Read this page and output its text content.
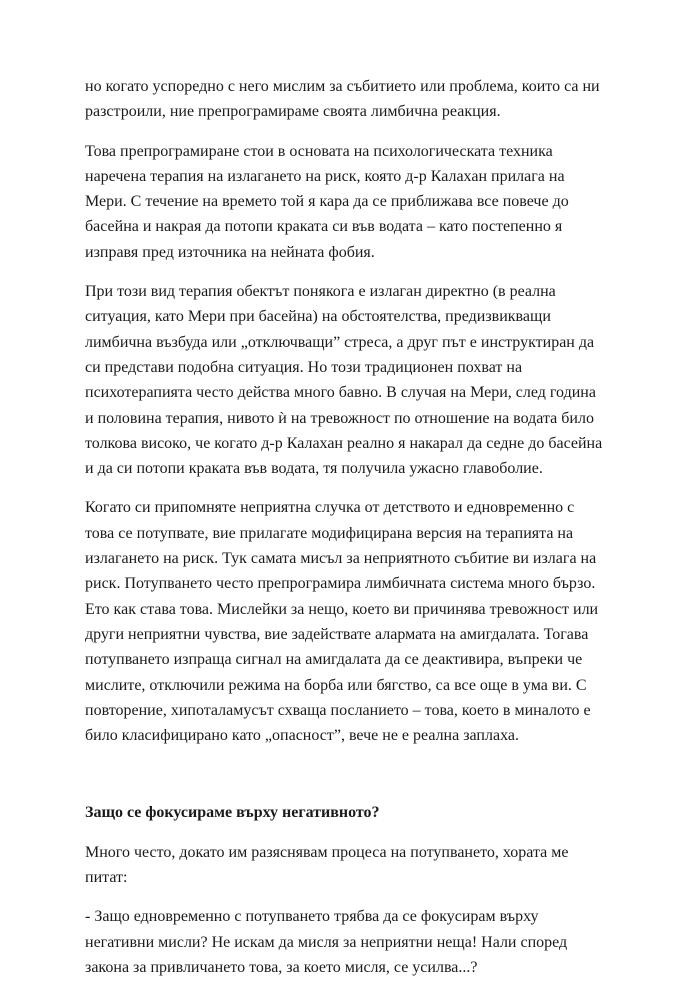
но когато успоредно с него мислим за събитието или проблема, които са ни разстроили, ние препрограмираме своята лимбична реакция.

Това препрограмиране стои в основата на психологическата техника наречена терапия на излагането на риск, която д-р Калахан прилага на Мери. С течение на времето той я кара да се приближава все повече до басейна и накрая да потопи краката си във водата – като постепенно я изправя пред източника на нейната фобия.

При този вид терапия обектът понякога е излаган директно (в реална ситуация, като Мери при басейна) на обстоятелства, предизвикващи лимбична възбуда или „отключващи” стреса, а друг път е инструктиран да си представи подобна ситуация. Но този традиционен похват на психотерапията често действа много бавно. В случая на Мери, след година и половина терапия, нивото ѝ на тревожност по отношение на водата било толкова високо, че когато д-р Калахан реално я накарал да седне до басейна и да си потопи краката във водата, тя получила ужасно главоболие.

Когато си припомняте неприятна случка от детството и едновременно с това се потупвате, вие прилагате модифицирана версия на терапията на излагането на риск. Тук самата мисъл за неприятното събитие ви излага на риск. Потупването често препрограмира лимбичната система много бързо. Ето как става това. Мислейки за нещо, което ви причинява тревожност или други неприятни чувства, вие задействате алармата на амигдалата. Тогава потупването изпраща сигнал на амигдалата да се деактивира, въпреки че мислите, отключили режима на борба или бягство, са все още в ума ви. С повторение, хипоталамусът схваща посланието – това, което в миналото е било класифицирано като „опасност”, вече не е реална заплаха.

Защо се фокусираме върху негативното?

Много често, докато им разяснявам процеса на потупването, хората ме питат:

- Защо едновременно с потупването трябва да се фокусирам върху негативни мисли? Не искам да мисля за неприятни неща! Нали според закона за привличането това, за което мисля, се усилва...?
